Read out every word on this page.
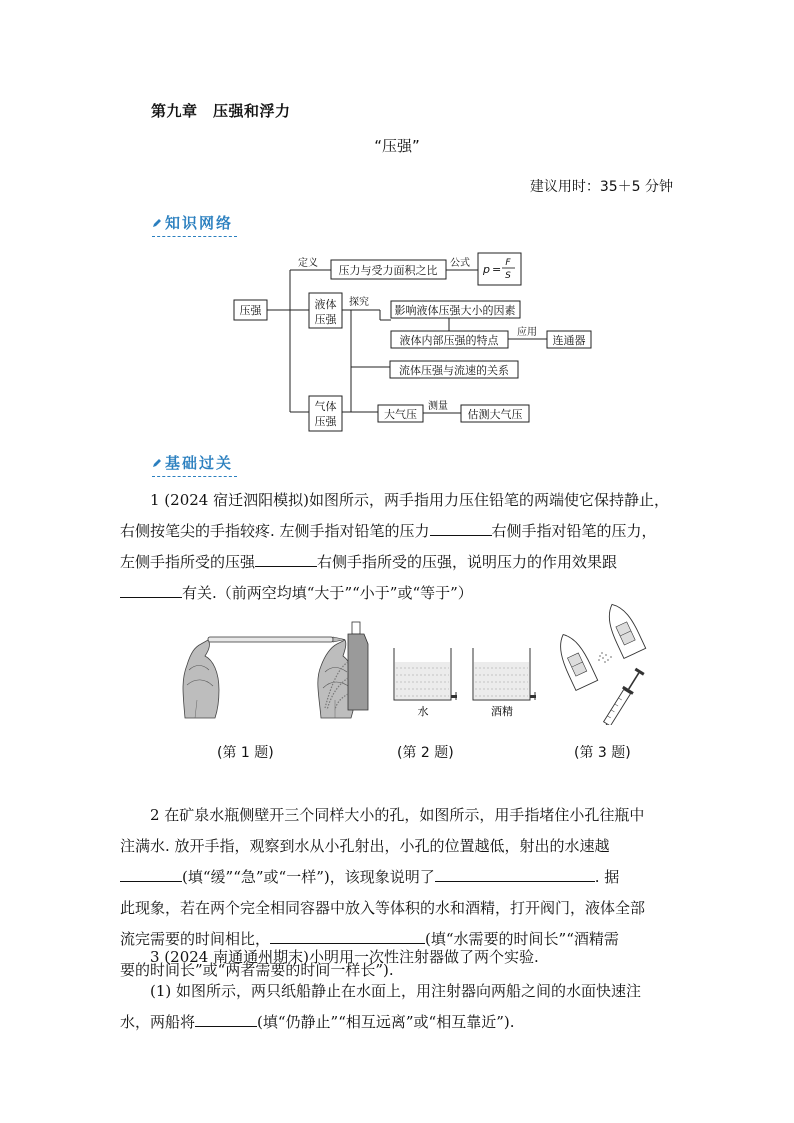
第九章　压强和浮力
“压强”
建议用时：35＋5 分钟
知识网络
压强
定义
压力与受力面积之比
公式 p = F
S
液体
压强
探究
影响液体压强大小的因素
液体内部压强的特点
应用
连通器
流体压强与流速的关系
气体
压强
大气压
测量
估测大气压
基础过关

1 (2024 宿迁泗阳模拟)如图所示，两手指用力压住铅笔的两端使它保持静止，

右侧按笔尖的手指较疼. 左侧手指对铅笔的压力	右侧手指对铅笔的压力，

左侧手指所受的压强	右侧手指所受的压强，说明压力的作用效果跟

有关.（前两空均填“大于”“小于”或“等于”）

水	酒精
(第 1 题)	(第 2 题)	(第 3 题)

2 在矿泉水瓶侧壁开三个同样大小的孔，如图所示，用手指堵住小孔往瓶中

注满水. 放开手指，观察到水从小孔射出，小孔的位置越低，射出的水速越

(填“缓”“急”或“一样”)，该现象说明了	. 据

此现象，若在两个完全相同容器中放入等体积的水和酒精，打开阀门，液体全部

流完需要的时间相比，	(填“水需要的时间长”“酒精需

要的时间长”或“两者需要的时间一样长”).

3 (2024 南通通州期末)小明用一次性注射器做了两个实验.

(1) 如图所示，两只纸船静止在水面上，用注射器向两船之间的水面快速注

水，两船将	(填“仍静止”“相互远离”或“相互靠近”).
